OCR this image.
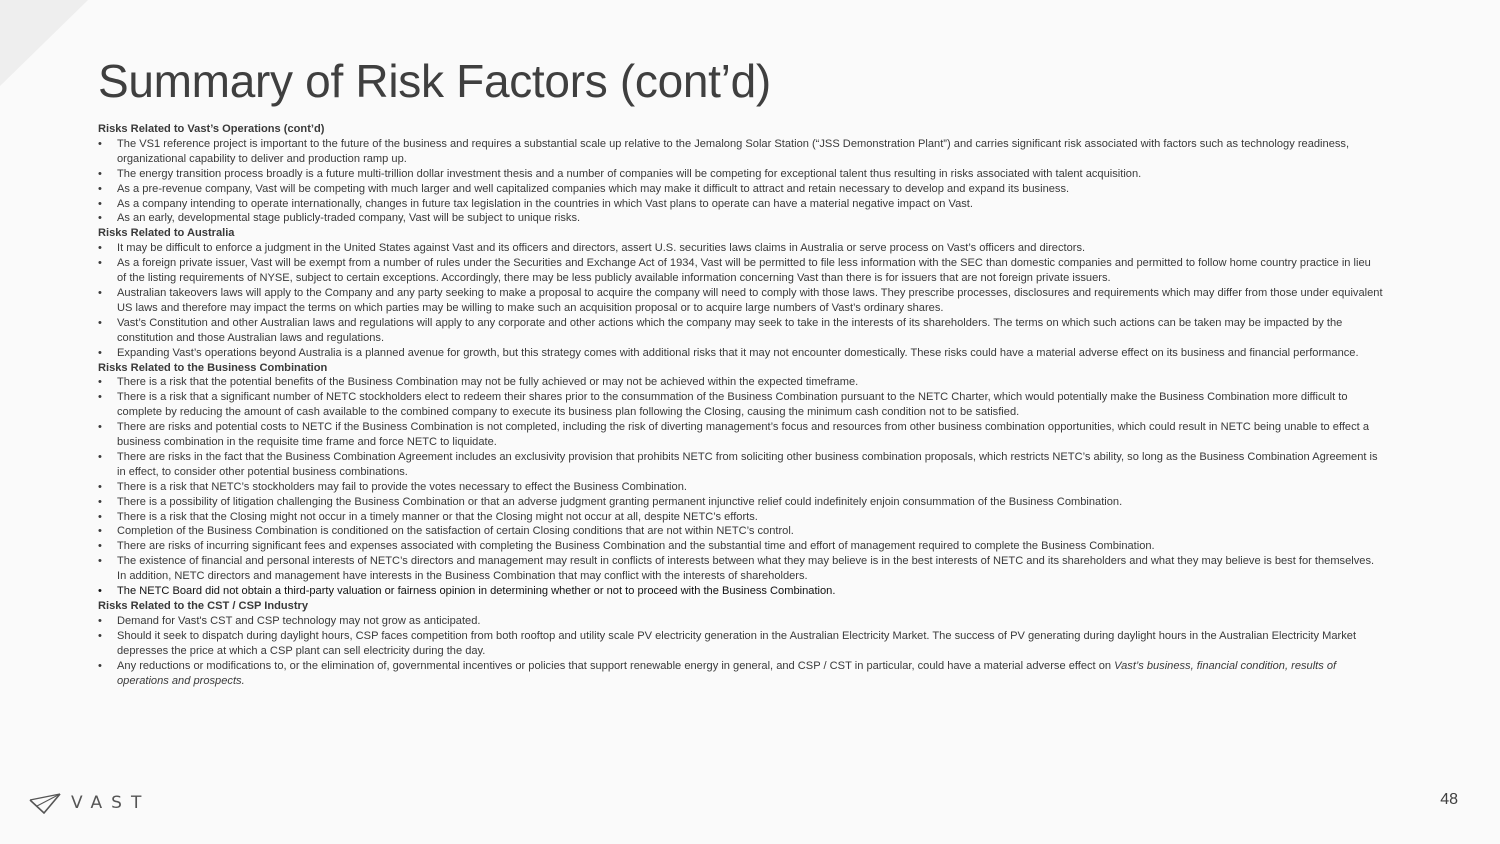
Summary of Risk Factors (cont’d)
Risks Related to Vast’s Operations (cont’d)
• The VS1 reference project is important to the future of the business and requires a substantial scale up relative to the Jemalong Solar Station (“JSS Demonstration Plant”) and carries significant risk associated with factors such as technology readiness, organizational capability to deliver and production ramp up.
• The energy transition process broadly is a future multi-trillion dollar investment thesis and a number of companies will be competing for exceptional talent thus resulting in risks associated with talent acquisition.
• As a pre-revenue company, Vast will be competing with much larger and well capitalized companies which may make it difficult to attract and retain necessary to develop and expand its business.
• As a company intending to operate internationally, changes in future tax legislation in the countries in which Vast plans to operate can have a material negative impact on Vast.
• As an early, developmental stage publicly-traded company, Vast will be subject to unique risks.
Risks Related to Australia
• It may be difficult to enforce a judgment in the United States against Vast and its officers and directors, assert U.S. securities laws claims in Australia or serve process on Vast’s officers and directors.
• As a foreign private issuer, Vast will be exempt from a number of rules under the Securities and Exchange Act of 1934, Vast will be permitted to file less information with the SEC than domestic companies and permitted to follow home country practice in lieu of the listing requirements of NYSE, subject to certain exceptions. Accordingly, there may be less publicly available information concerning Vast than there is for issuers that are not foreign private issuers.
• Australian takeovers laws will apply to the Company and any party seeking to make a proposal to acquire the company will need to comply with those laws. They prescribe processes, disclosures and requirements which may differ from those under equivalent US laws and therefore may impact the terms on which parties may be willing to make such an acquisition proposal or to acquire large numbers of Vast’s ordinary shares.
• Vast’s Constitution and other Australian laws and regulations will apply to any corporate and other actions which the company may seek to take in the interests of its shareholders. The terms on which such actions can be taken may be impacted by the constitution and those Australian laws and regulations.
• Expanding Vast’s operations beyond Australia is a planned avenue for growth, but this strategy comes with additional risks that it may not encounter domestically. These risks could have a material adverse effect on its business and financial performance.
Risks Related to the Business Combination
• There is a risk that the potential benefits of the Business Combination may not be fully achieved or may not be achieved within the expected timeframe.
• There is a risk that a significant number of NETC stockholders elect to redeem their shares prior to the consummation of the Business Combination pursuant to the NETC Charter, which would potentially make the Business Combination more difficult to complete by reducing the amount of cash available to the combined company to execute its business plan following the Closing, causing the minimum cash condition not to be satisfied.
• There are risks and potential costs to NETC if the Business Combination is not completed, including the risk of diverting management’s focus and resources from other business combination opportunities, which could result in NETC being unable to effect a business combination in the requisite time frame and force NETC to liquidate.
• There are risks in the fact that the Business Combination Agreement includes an exclusivity provision that prohibits NETC from soliciting other business combination proposals, which restricts NETC’s ability, so long as the Business Combination Agreement is in effect, to consider other potential business combinations.
• There is a risk that NETC’s stockholders may fail to provide the votes necessary to effect the Business Combination.
• There is a possibility of litigation challenging the Business Combination or that an adverse judgment granting permanent injunctive relief could indefinitely enjoin consummation of the Business Combination.
• There is a risk that the Closing might not occur in a timely manner or that the Closing might not occur at all, despite NETC’s efforts.
• Completion of the Business Combination is conditioned on the satisfaction of certain Closing conditions that are not within NETC’s control.
• There are risks of incurring significant fees and expenses associated with completing the Business Combination and the substantial time and effort of management required to complete the Business Combination.
• The existence of financial and personal interests of NETC’s directors and management may result in conflicts of interests between what they may believe is in the best interests of NETC and its shareholders and what they may believe is best for themselves. In addition, NETC directors and management have interests in the Business Combination that may conflict with the interests of shareholders.
• The NETC Board did not obtain a third-party valuation or fairness opinion in determining whether or not to proceed with the Business Combination.
Risks Related to the CST / CSP Industry
• Demand for Vast's CST and CSP technology may not grow as anticipated.
• Should it seek to dispatch during daylight hours, CSP faces competition from both rooftop and utility scale PV electricity generation in the Australian Electricity Market. The success of PV generating during daylight hours in the Australian Electricity Market depresses the price at which a CSP plant can sell electricity during the day.
• Any reductions or modifications to, or the elimination of, governmental incentives or policies that support renewable energy in general, and CSP / CST in particular, could have a material adverse effect on Vast’s business, financial condition, results of operations and prospects.
VAST	48
